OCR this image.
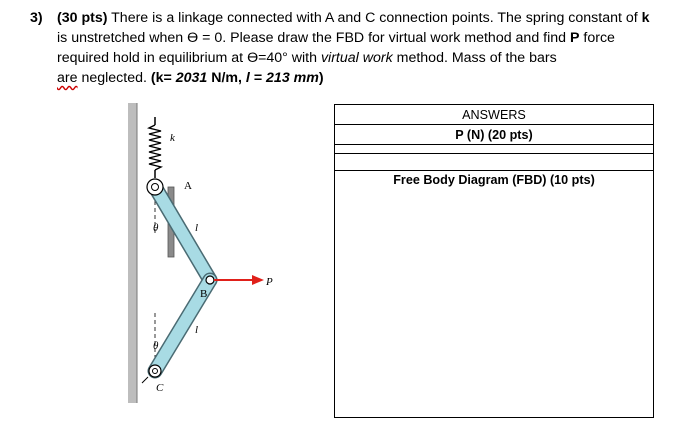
3) (30 pts) There is a linkage connected with A and C connection points. The spring constant of k is unstretched when ϴ = 0. Please draw the FBD for virtual work method and find P force required hold in equilibrium at ϴ=40° with virtual work method. Mass of the bars
are neglected. (k= 2031 N/m, l = 213 mm)
k
A
l
θ
B
P
l
θ
C
ANSWERS
P (N) (20 pts)

Free Body Diagram (FBD) (10 pts)
